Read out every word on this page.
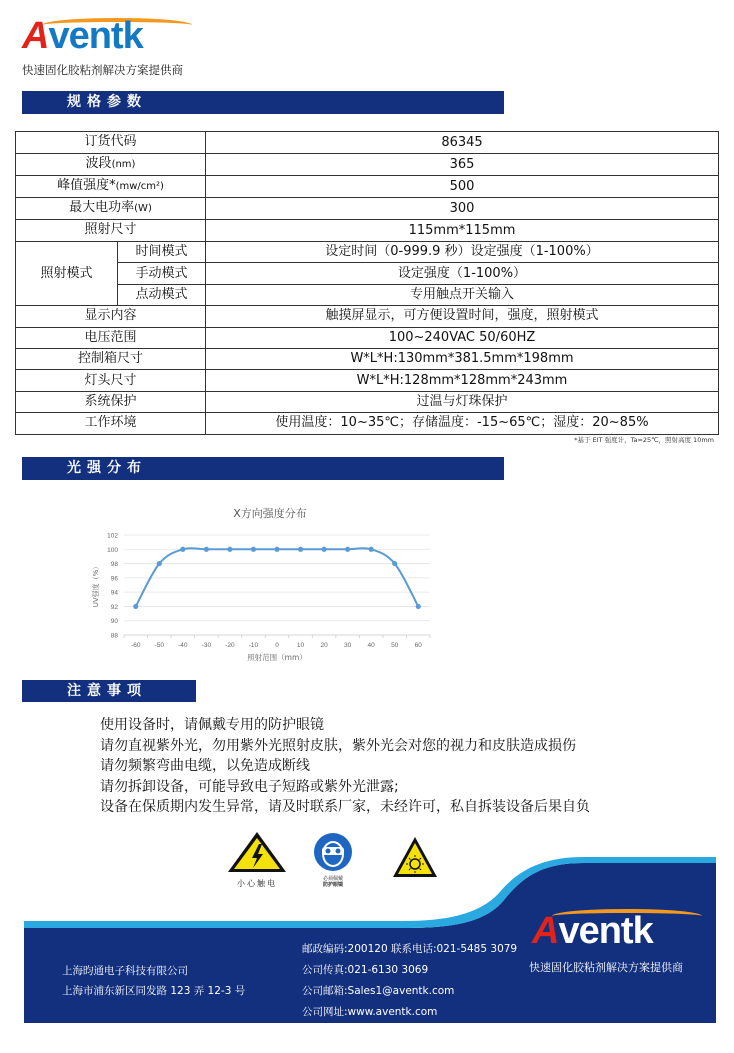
Aventk
快速固化胶粘剂解决方案提供商
规格参数
订货代码		86345
波段(nm)		365
峰值强度*(mw/cm²)		500
最大电功率(W)		300
照射尺寸		115mm*115mm
照射模式	时间模式	设定时间（0-999.9 秒）设定强度（1-100%）
	手动模式	设定强度（1-100%）
	点动模式	专用触点开关输入
显示内容		触摸屏显示，可方便设置时间，强度，照射模式
电压范围		100~240VAC 50/60HZ
控制箱尺寸		W*L*H:130mm*381.5mm*198mm
灯头尺寸		W*L*H:128mm*128mm*243mm
系统保护		过温与灯珠保护
工作环境		使用温度：10~35℃；存储温度：-15~65℃；湿度：20~85%
*基于 EIT 强度计，Ta=25℃，照射高度 10mm
光强分布
X方向强度分布
88
90
92
94
96
98
100
102
-60 -50 -40 -30 -20 -10	0	10	20	30	40	50	60
照射范围（mm）
UV强度（%）
注意事项
使用设备时，请佩戴专用的防护眼镜
请勿直视紫外光，勿用紫外光照射皮肤，紫外光会对您的视力和皮肤造成损伤
请勿频繁弯曲电缆，以免造成断线
请勿拆卸设备，可能导致电子短路或紫外光泄露;
设备在保质期内发生异常，请及时联系厂家，未经许可，私自拆装设备后果自负
小心触电	必须佩戴
防护眼镜
上海昀通电子科技有限公司
上海市浦东新区同发路 123 弄 12-3 号
邮政编码:200120 联系电话:021-5485 3079
公司传真:021-6130 3069
公司邮箱:Sales1@aventk.com
公司网址:www.aventk.com
Aventk
快速固化胶粘剂解决方案提供商
